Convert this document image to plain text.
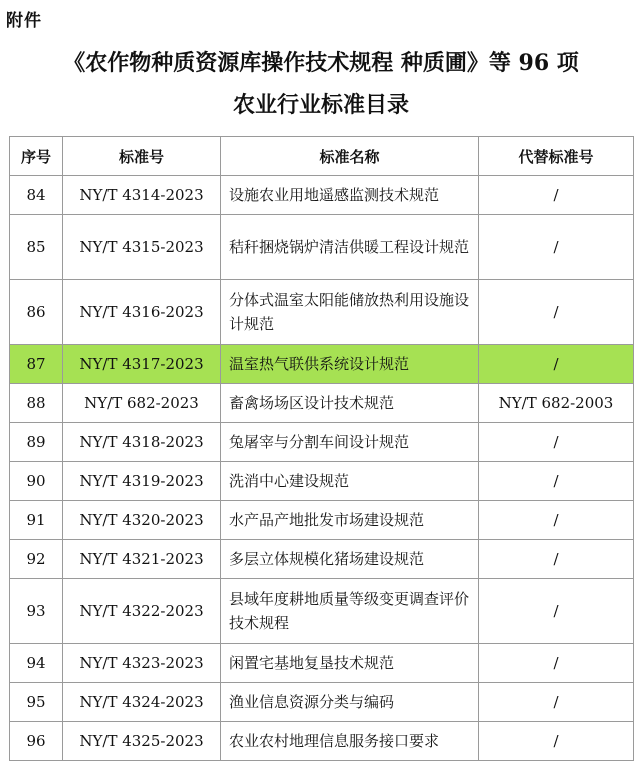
附件
《农作物种质资源库操作技术规程 种质圃》等 96 项
农业行业标准目录
序号	标准号	标准名称	代替标准号
84	NY/T 4314-2023	设施农业用地遥感监测技术规范	/
85	NY/T 4315-2023	秸秆捆烧锅炉清洁供暖工程设计规范	/
86	NY/T 4316-2023	分体式温室太阳能储放热利用设施设计规范	/
87	NY/T 4317-2023	温室热气联供系统设计规范	/
88	NY/T 682-2023	畜禽场场区设计技术规范	NY/T 682-2003
89	NY/T 4318-2023	兔屠宰与分割车间设计规范	/
90	NY/T 4319-2023	洗消中心建设规范	/
91	NY/T 4320-2023	水产品产地批发市场建设规范	/
92	NY/T 4321-2023	多层立体规模化猪场建设规范	/
93	NY/T 4322-2023	县域年度耕地质量等级变更调查评价技术规程	/
94	NY/T 4323-2023	闲置宅基地复垦技术规范	/
95	NY/T 4324-2023	渔业信息资源分类与编码	/
96	NY/T 4325-2023	农业农村地理信息服务接口要求	/
